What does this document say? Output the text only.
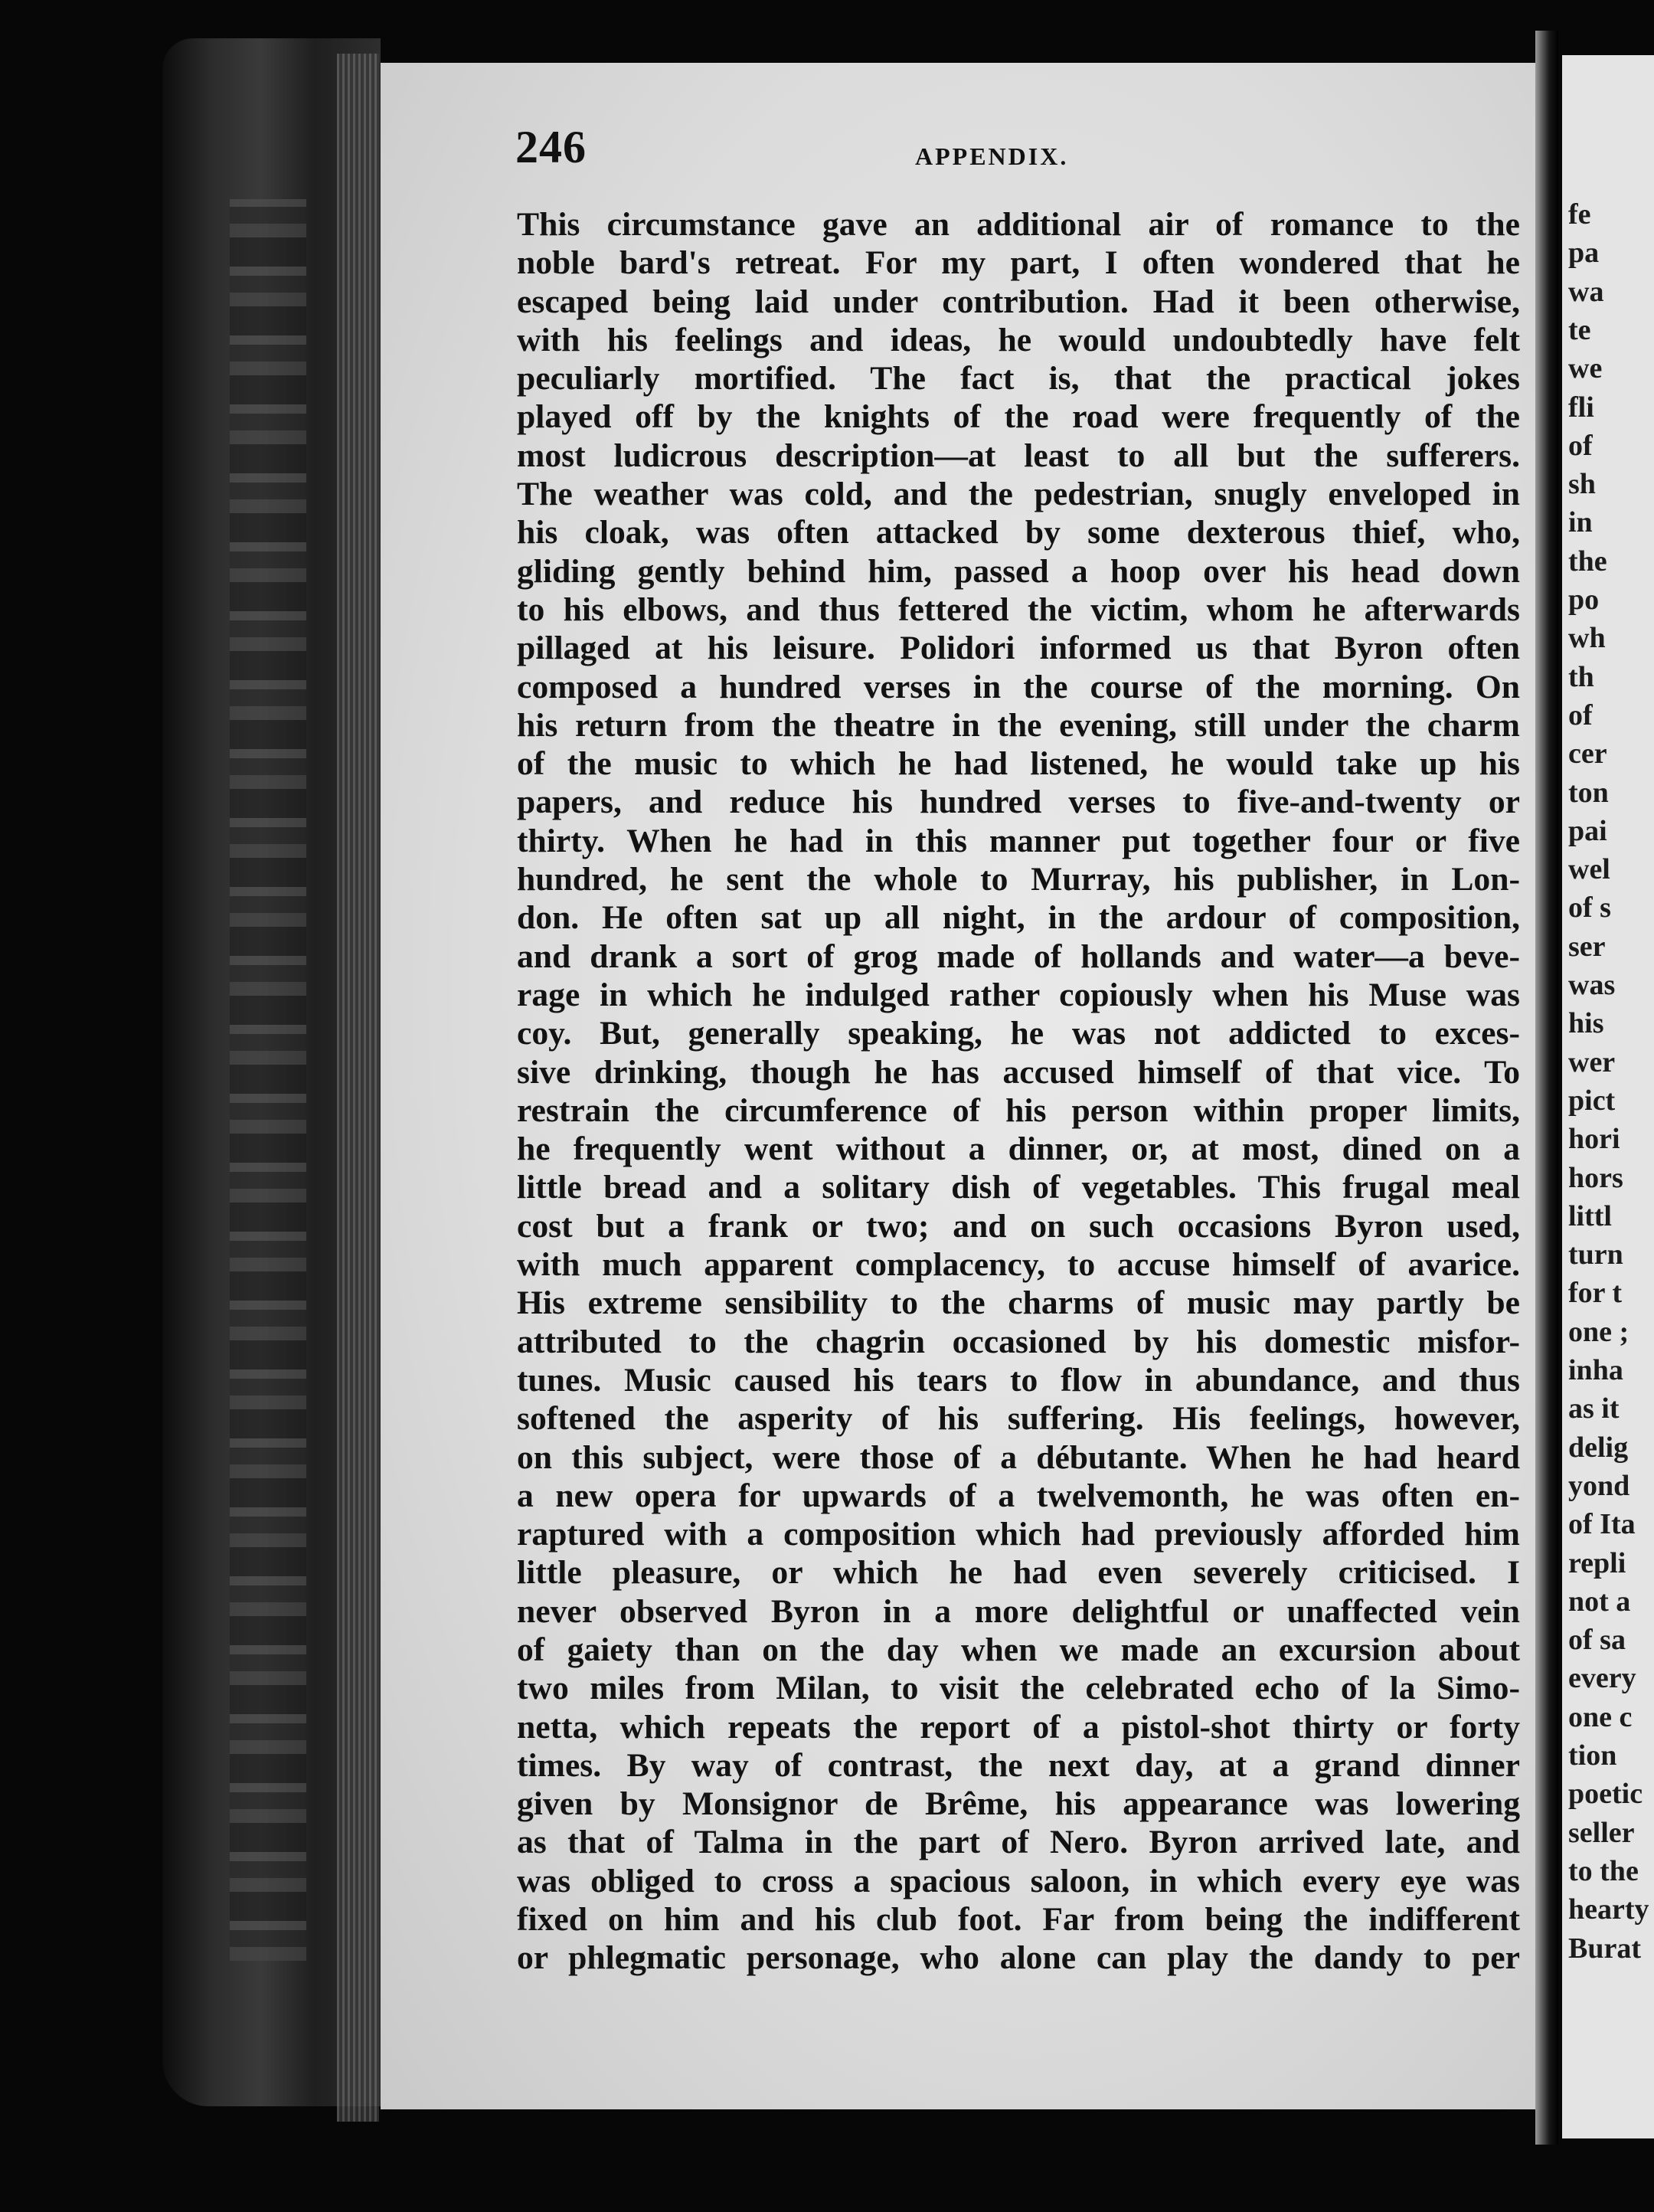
fe
pa
wa
te
we
fli
of
sh
in
the
po
wh
th
of
cer
ton
pai
wel
of s
ser
was
his
wer
pict
hori
hors
littl
turn
for t
one ;
inha
as it
delig
yond
of Ita
repli
not a
of sa
every
one c
tion
poetic
seller
to the
hearty
Burat
246	APPENDIX.
This circumstance gave an additional air of romance to the
noble bard's retreat. For my part, I often wondered that he
escaped being laid under contribution. Had it been otherwise,
with his feelings and ideas, he would undoubtedly have felt
peculiarly mortified. The fact is, that the practical jokes
played off by the knights of the road were frequently of the
most ludicrous description—at least to all but the sufferers.
The weather was cold, and the pedestrian, snugly enveloped in
his cloak, was often attacked by some dexterous thief, who,
gliding gently behind him, passed a hoop over his head down
to his elbows, and thus fettered the victim, whom he afterwards
pillaged at his leisure. Polidori informed us that Byron often
composed a hundred verses in the course of the morning. On
his return from the theatre in the evening, still under the charm
of the music to which he had listened, he would take up his
papers, and reduce his hundred verses to five-and-twenty or
thirty. When he had in this manner put together four or five
hundred, he sent the whole to Murray, his publisher, in Lon-
don. He often sat up all night, in the ardour of composition,
and drank a sort of grog made of hollands and water—a beve-
rage in which he indulged rather copiously when his Muse was
coy. But, generally speaking, he was not addicted to exces-
sive drinking, though he has accused himself of that vice. To
restrain the circumference of his person within proper limits,
he frequently went without a dinner, or, at most, dined on a
little bread and a solitary dish of vegetables. This frugal meal
cost but a frank or two; and on such occasions Byron used,
with much apparent complacency, to accuse himself of avarice.
His extreme sensibility to the charms of music may partly be
attributed to the chagrin occasioned by his domestic misfor-
tunes. Music caused his tears to flow in abundance, and thus
softened the asperity of his suffering. His feelings, however,
on this subject, were those of a débutante. When he had heard
a new opera for upwards of a twelvemonth, he was often en-
raptured with a composition which had previously afforded him
little pleasure, or which he had even severely criticised. I
never observed Byron in a more delightful or unaffected vein
of gaiety than on the day when we made an excursion about
two miles from Milan, to visit the celebrated echo of la Simo-
netta, which repeats the report of a pistol-shot thirty or forty
times. By way of contrast, the next day, at a grand dinner
given by Monsignor de Brême, his appearance was lowering
as that of Talma in the part of Nero. Byron arrived late, and
was obliged to cross a spacious saloon, in which every eye was
fixed on him and his club foot. Far from being the indifferent
or phlegmatic personage, who alone can play the dandy to per
